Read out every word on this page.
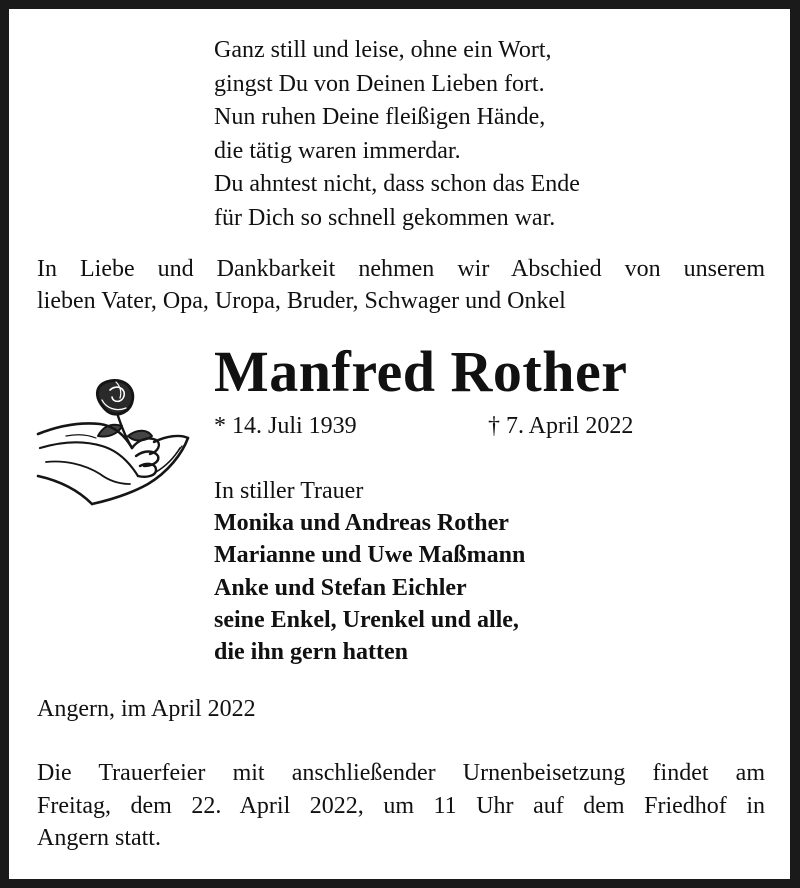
Ganz still und leise, ohne ein Wort,
gingst Du von Deinen Lieben fort.
Nun ruhen Deine fleißigen Hände,
die tätig waren immerdar.
Du ahntest nicht, dass schon das Ende
für Dich so schnell gekommen war.
In Liebe und Dankbarkeit nehmen wir Abschied von unserem
lieben Vater, Opa, Uropa, Bruder, Schwager und Onkel
Manfred Rother
* 14. Juli 1939	† 7. April 2022
In stiller Trauer
Monika und Andreas Rother
Marianne und Uwe Maßmann
Anke und Stefan Eichler
seine Enkel, Urenkel und alle,
die ihn gern hatten
Angern, im April 2022
Die Trauerfeier mit anschließender Urnenbeisetzung findet am
Freitag, dem 22. April 2022, um 11 Uhr auf dem Friedhof in
Angern statt.
